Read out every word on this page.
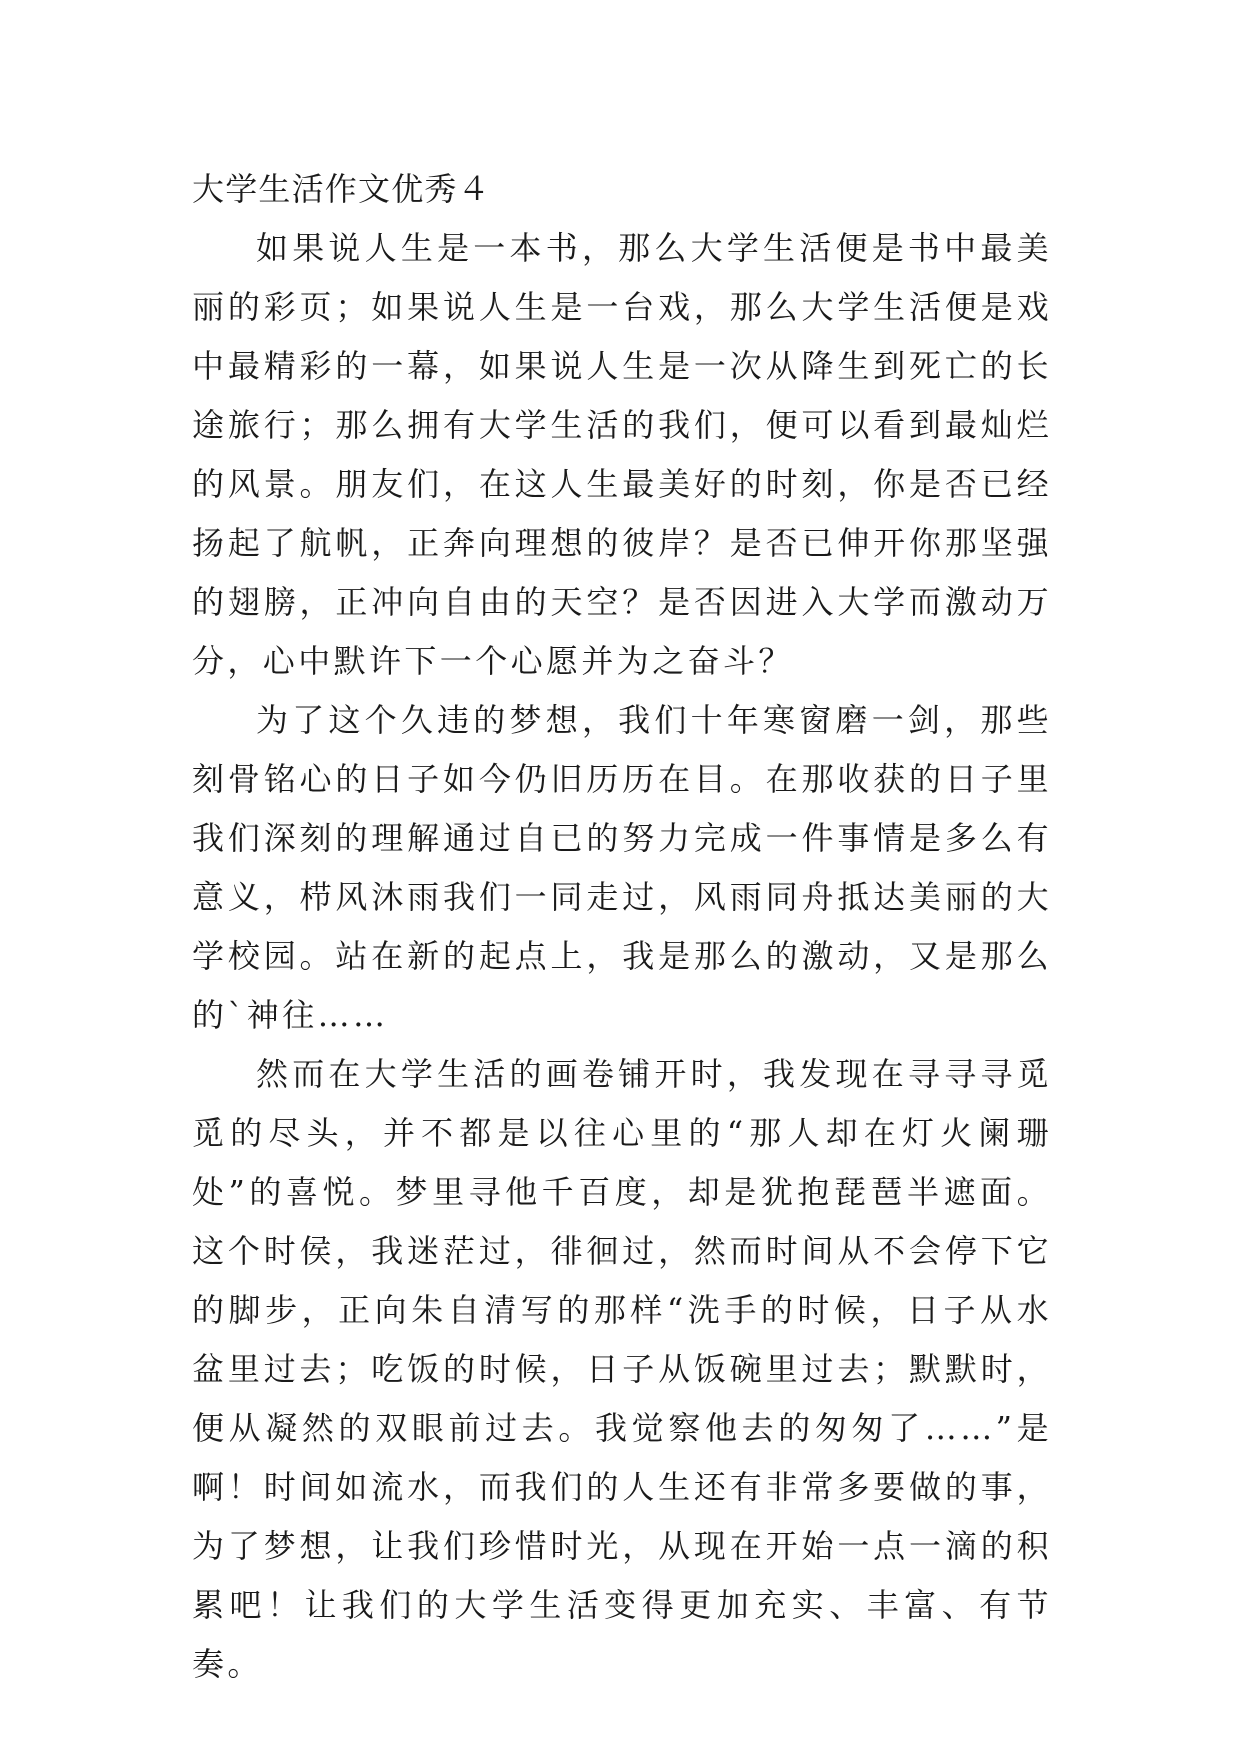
大学生活作文优秀４

如果说人生是一本书，那么大学生活便是书中最美丽的彩页；如果说人生是一台戏，那么大学生活便是戏中最精彩的一幕，如果说人生是一次从降生到死亡的长途旅行；那么拥有大学生活的我们，便可以看到最灿烂的风景。朋友们，在这人生最美好的时刻，你是否已经扬起了航帆，正奔向理想的彼岸？是否已伸开你那坚强的翅膀，正冲向自由的天空？是否因进入大学而激动万分，心中默许下一个心愿并为之奋斗？

为了这个久违的梦想，我们十年寒窗磨一剑，那些刻骨铭心的日子如今仍旧历历在目。在那收获的日子里我们深刻的理解通过自已的努力完成一件事情是多么有意义，栉风沐雨我们一同走过，风雨同舟抵达美丽的大学校园。站在新的起点上，我是那么的激动，又是那么的`神往……

然而在大学生活的画卷铺开时，我发现在寻寻寻觅觅的尽头，并不都是以往心里的“那人却在灯火阑珊处”的喜悦。梦里寻他千百度，却是犹抱琵琶半遮面。这个时侯，我迷茫过，徘徊过，然而时间从不会停下它的脚步，正向朱自清写的那样“洗手的时候，日子从水盆里过去；吃饭的时候，日子从饭碗里过去；默默时，便从凝然的双眼前过去。我觉察他去的匆匆了……”是啊！时间如流水，而我们的人生还有非常多要做的事，为了梦想，让我们珍惜时光，从现在开始一点一滴的积累吧！让我们的大学生活变得更加充实、丰富、有节奏。
